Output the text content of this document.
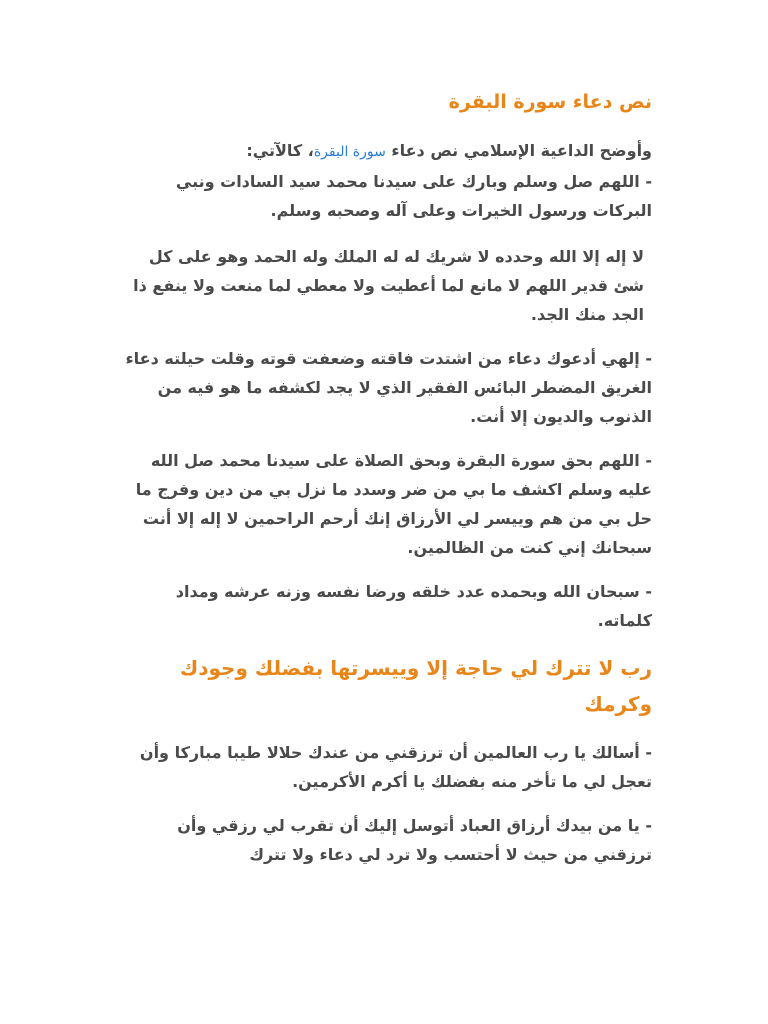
نص دعاء سورة البقرة

وأوضح الداعية الإسلامي نص دعاء سورة البقرة، كالآتي:
- اللهم صل وسلم وبارك على سيدنا محمد سيد السادات ونبي البركات ورسول الخيرات وعلى آله وصحبه وسلم.

لا إله إلا الله وحدده لا شريك له له الملك وله الحمد وهو على كل شئ قدير اللهم لا مانع لما أعطيت ولا معطي لما منعت ولا ينفع ذا الجد منك الجد.

- إلهي أدعوك دعاء من اشتدت فاقته وضعفت قوته وقلت حيلته دعاء الغريق المضطر البائس الفقير الذي لا يجد لكشفه ما هو فيه من الذنوب والديون إلا أنت.

- اللهم بحق سورة البقرة وبحق الصلاة على سيدنا محمد صل الله عليه وسلم اكشف ما بي من ضر وسدد ما نزل بي من دين وفرج ما حل بي من هم وييسر لي الأرزاق إنك أرحم الراحمين لا إله إلا أنت سبحانك إني كنت من الظالمين.

- سبحان الله وبحمده عدد خلقه ورضا نفسه وزنه عرشه ومداد كلماته.

رب لا تترك لي حاجة إلا وييسرتها بفضلك وجودك وكرمك

- أسالك يا رب العالمين أن ترزقني من عندك حلالا طيبا مباركا وأن تعجل لي ما تأخر منه بفضلك يا أكرم الأكرمين.

- يا من بيدك أرزاق العباد أتوسل إليك أن تقرب لي رزقي وأن ترزقني من حيث لا أحتسب ولا ترد لي دعاء ولا تترك
